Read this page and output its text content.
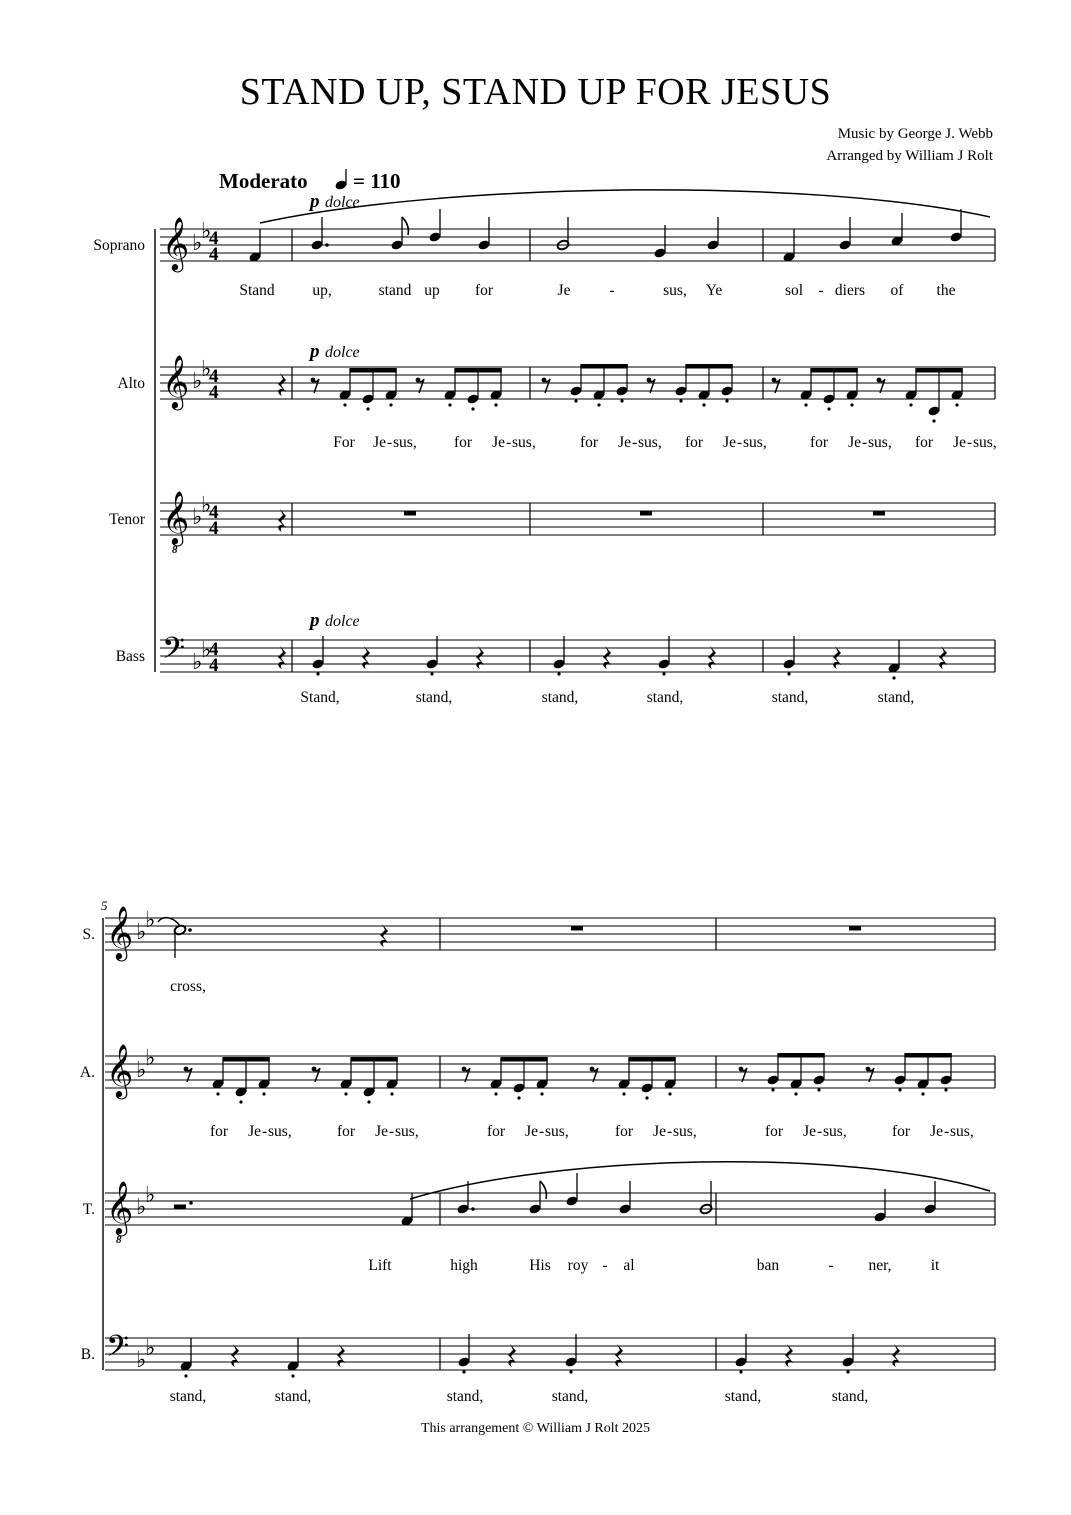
STAND UP, STAND UP FOR JESUS
Music by George J. Webb
Arranged by William J Rolt
𝄞 ♭
♭
4
4
𝄞 ♭
♭
4
4
𝄞
8
♭
♭
4
4
𝄢 ♭
♭
4
4
Soprano
Alto
Tenor
Bass
Moderato = 110
p dolce
Stand up,	stand up for	Je	-	sus, Ye	sol - diers of the
p dolce
For Je - sus, for Je - sus,	for Je - sus, for Je - sus,	for Je - sus, for Je - sus,
p dolce
Stand,	stand,	stand,	stand,	stand,	stand,
𝄞 ♭
♭
𝄞 ♭
♭
𝄞
8
♭
♭
𝄢 ♭
♭
5
S.
A.
T.
B.
cross,
for Je - sus,	for Je - sus,	for Je - sus,	for Je - sus,	for Je - sus,	for Je - sus,
Lift	high	His roy - al	ban	- ner,	it
stand,	stand,	stand,	stand,	stand,	stand,
This arrangement © William J Rolt 2025
